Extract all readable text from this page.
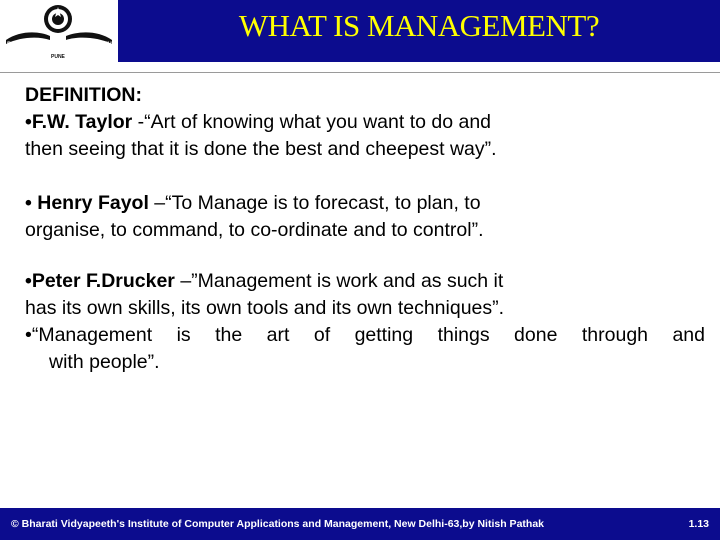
BHARATI	VIDYAPEETH
PUNE
WHAT IS MANAGEMENT?

DEFINITION:

•F.W. Taylor -“Art of knowing what you want to do and

then seeing that it is done the best and cheepest way”.

• Henry Fayol –“To Manage is to forecast, to plan, to

organise, to command, to co-ordinate and to control”.

•Peter F.Drucker –”Management is work and as such it

has its own skills, its own tools and its own techniques”.

•“Management is the art of getting things done through and

with people”.

© Bharati Vidyapeeth's Institute of Computer Applications and Management, New Delhi-63,by Nitish Pathak	1.13
